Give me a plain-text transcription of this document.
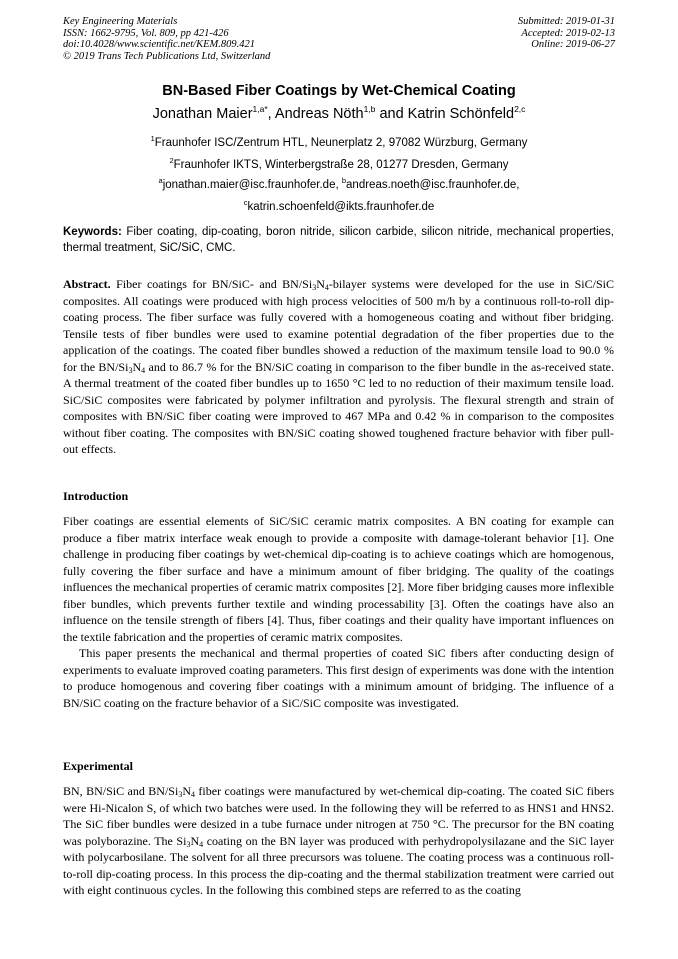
Key Engineering Materials
ISSN: 1662-9795, Vol. 809, pp 421-426
doi:10.4028/www.scientific.net/KEM.809.421
© 2019 Trans Tech Publications Ltd, Switzerland
Submitted: 2019-01-31
Accepted: 2019-02-13
Online: 2019-06-27
BN-Based Fiber Coatings by Wet-Chemical Coating
Jonathan Maier$^{1,a*}$, Andreas Nöth$^{1,b}$ and Katrin Schönfeld$^{2,c}$
$^1$Fraunhofer ISC/Zentrum HTL, Neunerplatz 2, 97082 Würzburg, Germany
$^2$Fraunhofer IKTS, Winterbergstraße 28, 01277 Dresden, Germany
$^a$jonathan.maier@isc.fraunhofer.de, $^b$andreas.noeth@isc.fraunhofer.de,
$^c$katrin.schoenfeld@ikts.fraunhofer.de
Keywords: Fiber coating, dip-coating, boron nitride, silicon carbide, silicon nitride, mechanical properties, thermal treatment, SiC/SiC, CMC.
Abstract. Fiber coatings for BN/SiC- and $BN/Si_3N_4$-bilayer systems were developed for the use in SiC/SiC composites. All coatings were produced with high process velocities of 500 m/h by a continuous roll-to-roll dip-coating process. The fiber surface was fully covered with a homogeneous coating and without fiber bridging. Tensile tests of fiber bundles were used to examine potential degradation of the fiber properties due to the application of the coatings. The coated fiber bundles showed a reduction of the maximum tensile load to 90.0 % for the $BN/Si_3N_4$ and to 86.7 % for the BN/SiC coating in comparison to the fiber bundle in the as-received state. A thermal treatment of the coated fiber bundles up to 1650 °C led to no reduction of their maximum tensile load. SiC/SiC composites were fabricated by polymer infiltration and pyrolysis. The flexural strength and strain of composites with BN/SiC fiber coating were improved to 467 MPa and 0.42 % in comparison to the composites without fiber coating. The composites with BN/SiC coating showed toughened fracture behavior with fiber pull-out effects.
Introduction

Fiber coatings are essential elements of SiC/SiC ceramic matrix composites. A BN coating for example can produce a fiber matrix interface weak enough to provide a composite with damage-tolerant behavior [1]. One challenge in producing fiber coatings by wet-chemical dip-coating is to achieve coatings which are homogenous, fully covering the fiber surface and have a minimum amount of fiber bridging. The quality of the coatings influences the mechanical properties of ceramic matrix composites [2]. More fiber bridging causes more inflexible fiber bundles, which prevents further textile and winding processability [3]. Often the coatings have also an influence on the tensile strength of fibers [4]. Thus, fiber coatings and their quality have important influences on the textile fabrication and the properties of ceramic matrix composites.

This paper presents the mechanical and thermal properties of coated SiC fibers after conducting design of experiments to evaluate improved coating parameters. This first design of experiments was done with the intention to produce homogenous and covering fiber coatings with a minimum amount of bridging. The influence of a BN/SiC coating on the fracture behavior of a SiC/SiC composite was investigated.

Experimental
BN, BN/SiC and $BN/Si_3N_4$ fiber coatings were manufactured by wet-chemical dip-coating. The coated SiC fibers were Hi-Nicalon S, of which two batches were used. In the following they will be referred to as HNS1 and HNS2. The SiC fiber bundles were desized in a tube furnace under nitrogen at 750 °C. The precursor for the BN coating was polyborazine. The $Si_3N_4$ coating on the BN layer was produced with perhydropolysilazane and the SiC layer with polycarbosilane. The solvent for all three precursors was toluene. The coating process was a continuous roll-to-roll dip-coating process. In this process the dip-coating and the thermal stabilization treatment were carried out with eight continuous cycles. In the following this combined steps are referred to as the coating
